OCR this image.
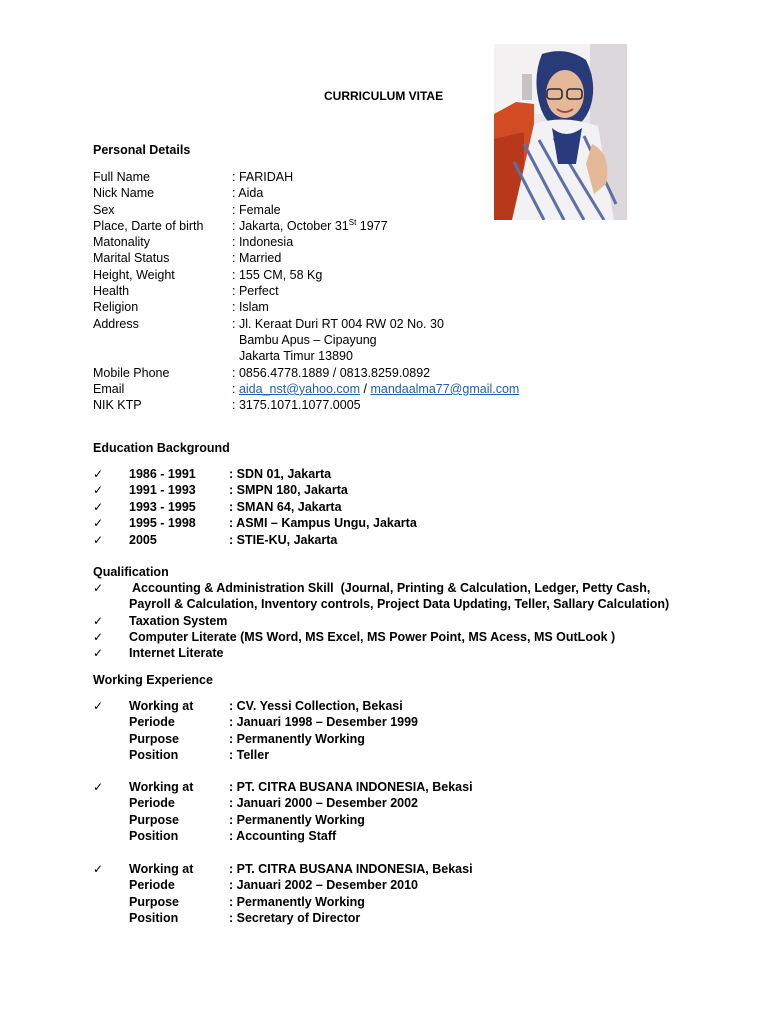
CURRICULUM VITAE
Personal Details
Full Name	: FARIDAH
Nick Name	: Aida
Sex	: Female
Place, Darte of birth	: Jakarta, October 31St 1977
Matonality	: Indonesia
Marital Status	: Married
Height, Weight	: 155 CM, 58 Kg
Health	: Perfect
Religion	: Islam
Address	: Jl. Keraat Duri RT 004 RW 02 No. 30
Bambu Apus – Cipayung
Jakarta Timur 13890
Mobile Phone	: 0856.4778.1889 / 0813.8259.0892
Email	: aida_nst@yahoo.com / mandaalma77@gmail.com
NIK KTP	: 3175.1071.1077.0005
Education Background
✓	1986 - 1991	: SDN 01, Jakarta
✓	1991 - 1993	: SMPN 180, Jakarta
✓	1993 - 1995	: SMAN 64, Jakarta
✓	1995 - 1998	: ASMI – Kampus Ungu, Jakarta
✓	2005	: STIE-KU, Jakarta
Qualification
✓	Accounting & Administration Skill  (Journal, Printing & Calculation, Ledger, Petty Cash,
Payroll & Calculation, Inventory controls, Project Data Updating, Teller, Sallary Calculation)
✓	Taxation System
✓	Computer Literate (MS Word, MS Excel, MS Power Point, MS Acess, MS OutLook )
✓	Internet Literate
Working Experience
✓	Working at	: CV. Yessi Collection, Bekasi
Periode	: Januari 1998 – Desember 1999
Purpose	: Permanently Working
Position	: Teller
✓	Working at	: PT. CITRA BUSANA INDONESIA, Bekasi
Periode	: Januari 2000 – Desember 2002
Purpose	: Permanently Working
Position	: Accounting Staff
✓	Working at	: PT. CITRA BUSANA INDONESIA, Bekasi
Periode	: Januari 2002 – Desember 2010
Purpose	: Permanently Working
Position	: Secretary of Director
